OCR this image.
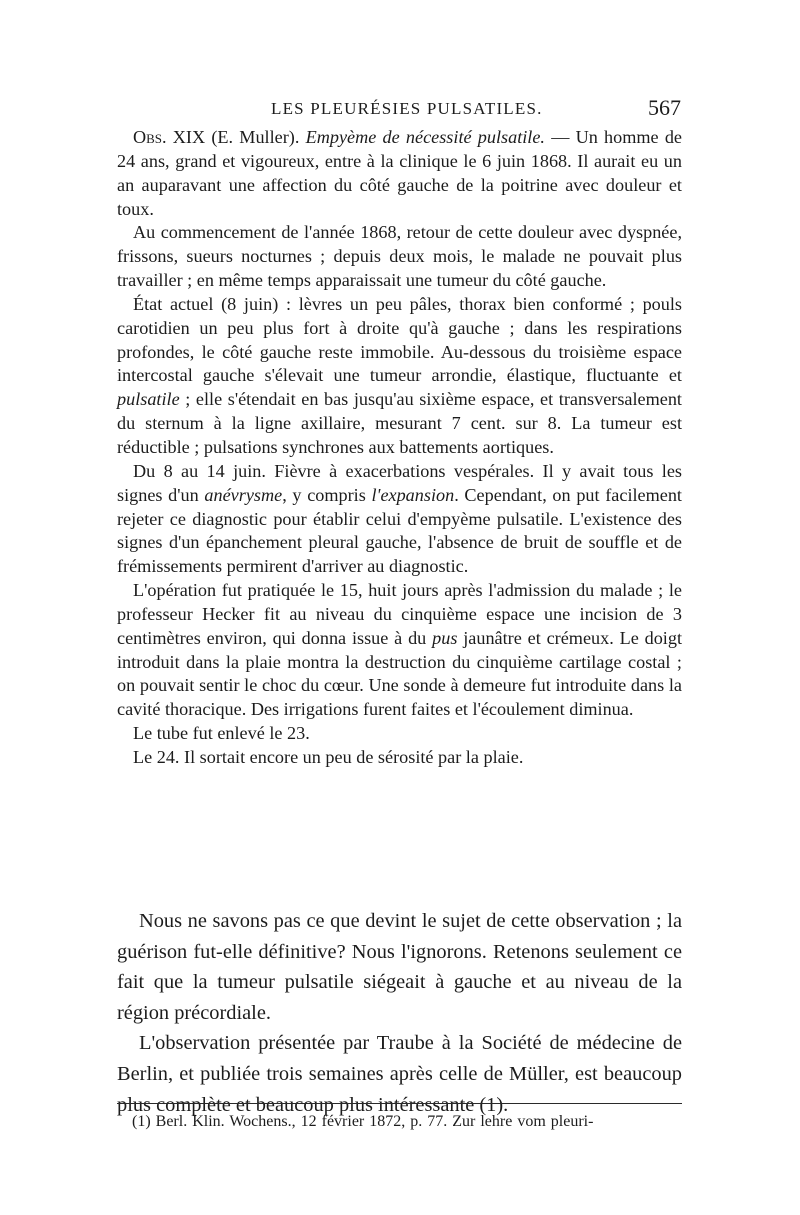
LES PLEURÉSIES PULSATILES.	567

Obs. XIX (E. Muller). Empyème de nécessité pulsatile. — Un homme de 24 ans, grand et vigoureux, entre à la clinique le 6 juin 1868. Il aurait eu un an auparavant une affection du côté gauche de la poitrine avec douleur et toux.

Au commencement de l'année 1868, retour de cette douleur avec dyspnée, frissons, sueurs nocturnes ; depuis deux mois, le malade ne pouvait plus travailler ; en même temps apparaissait une tumeur du côté gauche.

État actuel (8 juin) : lèvres un peu pâles, thorax bien conformé ; pouls carotidien un peu plus fort à droite qu'à gauche ; dans les respirations profondes, le côté gauche reste immobile. Au-dessous du troisième espace intercostal gauche s'élevait une tumeur arrondie, élastique, fluctuante et pulsatile ; elle s'étendait en bas jusqu'au sixième espace, et transversalement du sternum à la ligne axillaire, mesurant 7 cent. sur 8. La tumeur est réductible ; pulsations synchrones aux battements aortiques.

Du 8 au 14 juin. Fièvre à exacerbations vespérales. Il y avait tous les signes d'un anévrysme, y compris l'expansion. Cependant, on put facilement rejeter ce diagnostic pour établir celui d'empyème pulsatile. L'existence des signes d'un épanchement pleural gauche, l'absence de bruit de souffle et de frémissements permirent d'arriver au diagnostic.

L'opération fut pratiquée le 15, huit jours après l'admission du malade ; le professeur Hecker fit au niveau du cinquième espace une incision de 3 centimètres environ, qui donna issue à du pus jaunâtre et crémeux. Le doigt introduit dans la plaie montra la destruction du cinquième cartilage costal ; on pouvait sentir le choc du cœur. Une sonde à demeure fut introduite dans la cavité thoracique. Des irrigations furent faites et l'écoulement diminua.

Le tube fut enlevé le 23.

Le 24. Il sortait encore un peu de sérosité par la plaie.

Nous ne savons pas ce que devint le sujet de cette observation ; la guérison fut-elle définitive? Nous l'ignorons. Retenons seulement ce fait que la tumeur pulsatile siégeait à gauche et au niveau de la région précordiale.

L'observation présentée par Traube à la Société de médecine de Berlin, et publiée trois semaines après celle de Müller, est beaucoup plus complète et beaucoup plus intéressante (1).

(1) Berl. Klin. Wochens., 12 février 1872, p. 77. Zur lehre vom pleuri-
